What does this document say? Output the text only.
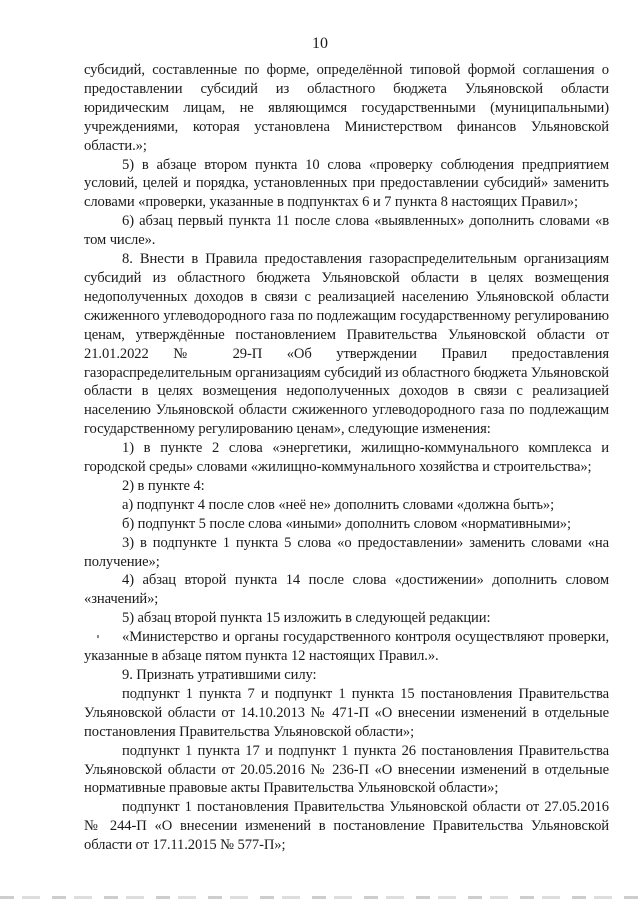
10

субсидий, составленные по форме, определённой типовой формой соглашения о предоставлении субсидий из областного бюджета Ульяновской области юридическим лицам, не являющимся государственными (муниципальными) учреждениями, которая установлена Министерством финансов Ульяновской области.»;

5) в абзаце втором пункта 10 слова «проверку соблюдения предприятием условий, целей и порядка, установленных при предоставлении субсидий» заменить словами «проверки, указанные в подпунктах 6 и 7 пункта 8 настоящих Правил»;

6) абзац первый пункта 11 после слова «выявленных» дополнить словами «в том числе».

8. Внести в Правила предоставления газораспределительным организациям субсидий из областного бюджета Ульяновской области в целях возмещения недополученных доходов в связи с реализацией населению Ульяновской области сжиженного углеводородного газа по подлежащим государственному регулированию ценам, утверждённые постановлением Правительства Ульяновской области от 21.01.2022 № 29-П «Об утверждении Правил предоставления газораспределительным организациям субсидий из областного бюджета Ульяновской области в целях возмещения недополученных доходов в связи с реализацией населению Ульяновской области сжиженного углеводородного газа по подлежащим государственному регулированию ценам», следующие изменения:

1) в пункте 2 слова «энергетики, жилищно-коммунального комплекса и городской среды» словами «жилищно-коммунального хозяйства и строительства»;

2) в пункте 4:

а) подпункт 4 после слов «неё не» дополнить словами «должна быть»;

б) подпункт 5 после слова «иными» дополнить словом «нормативными»;

3) в подпункте 1 пункта 5 слова «о предоставлении» заменить словами «на получение»;

4) абзац второй пункта 14 после слова «достижении» дополнить словом «значений»;

5) абзац второй пункта 15 изложить в следующей редакции:

«Министерство и органы государственного контроля осуществляют проверки, указанные в абзаце пятом пункта 12 настоящих Правил.».

9. Признать утратившими силу:

подпункт 1 пункта 7 и подпункт 1 пункта 15 постановления Правительства Ульяновской области от 14.10.2013 № 471-П «О внесении изменений в отдельные постановления Правительства Ульяновской области»;

подпункт 1 пункта 17 и подпункт 1 пункта 26 постановления Правительства Ульяновской области от 20.05.2016 № 236-П «О внесении изменений в отдельные нормативные правовые акты Правительства Ульяновской области»;

подпункт 1 постановления Правительства Ульяновской области от 27.05.2016 № 244-П «О внесении изменений в постановление Правительства Ульяновской области от 17.11.2015 № 577-П»;
